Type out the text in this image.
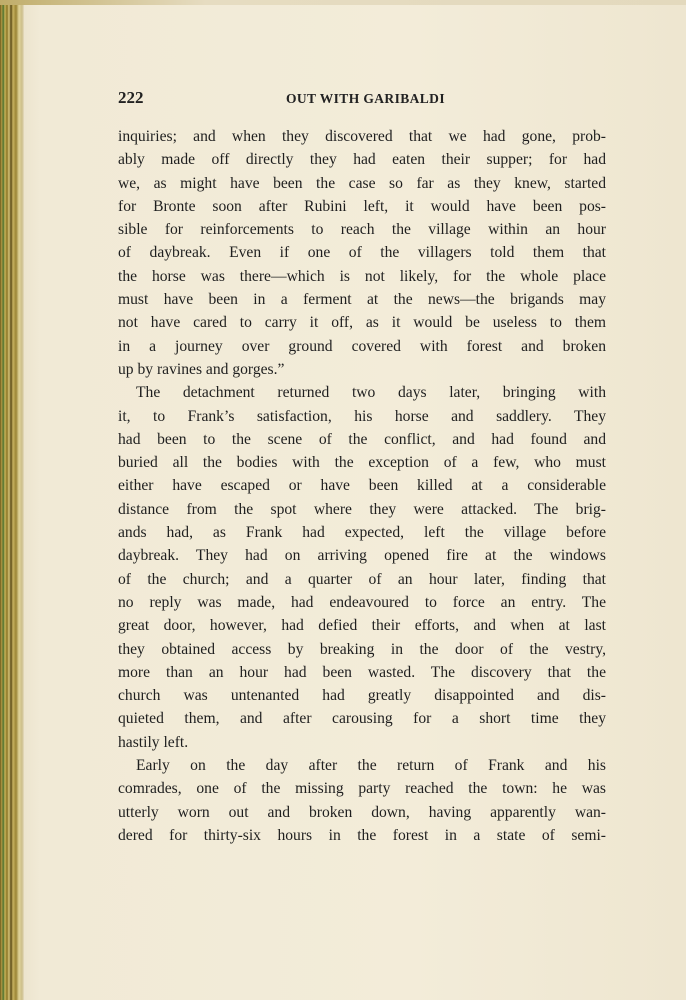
222	OUT WITH GARIBALDI
inquiries; and when they discovered that we had gone, prob-
ably made off directly they had eaten their supper; for had
we, as might have been the case so far as they knew, started
for Bronte soon after Rubini left, it would have been pos-
sible for reinforcements to reach the village within an hour
of daybreak. Even if one of the villagers told them that
the horse was there—which is not likely, for the whole place
must have been in a ferment at the news—the brigands may
not have cared to carry it off, as it would be useless to them
in a journey over ground covered with forest and broken
up by ravines and gorges.”
The detachment returned two days later, bringing with
it, to Frank’s satisfaction, his horse and saddlery. They
had been to the scene of the conflict, and had found and
buried all the bodies with the exception of a few, who must
either have escaped or have been killed at a considerable
distance from the spot where they were attacked. The brig-
ands had, as Frank had expected, left the village before
daybreak. They had on arriving opened fire at the windows
of the church; and a quarter of an hour later, finding that
no reply was made, had endeavoured to force an entry. The
great door, however, had defied their efforts, and when at last
they obtained access by breaking in the door of the vestry,
more than an hour had been wasted. The discovery that the
church was untenanted had greatly disappointed and dis-
quieted them, and after carousing for a short time they
hastily left.
Early on the day after the return of Frank and his
comrades, one of the missing party reached the town: he was
utterly worn out and broken down, having apparently wan-
dered for thirty-six hours in the forest in a state of semi-
